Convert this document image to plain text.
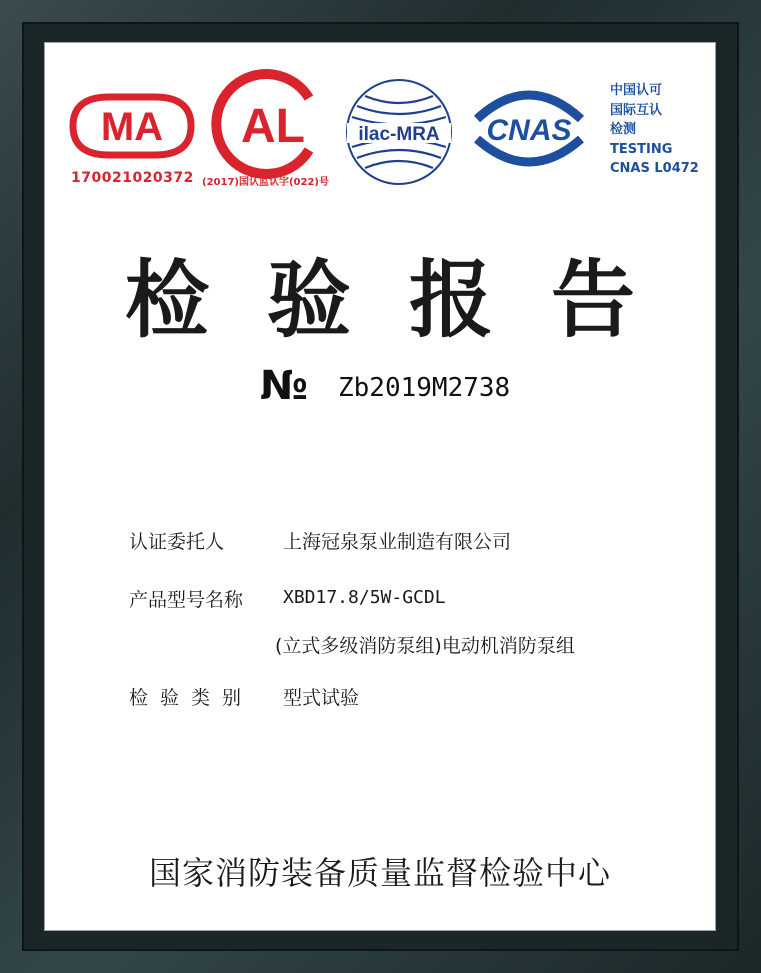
MA
170021020372
AL
(2017)国认监认字(022)号
ilac-MRA CNAS
中国认可
国际互认
检测
TESTING
CNAS L0472
检验报告
№ Zb2019M2738
认证委托人	上海冠泉泵业制造有限公司
产品型号名称 XBD17.8/5W-GCDL
(立式多级消防泵组)电动机消防泵组
检验类别 型式试验
国家消防装备质量监督检验中心
